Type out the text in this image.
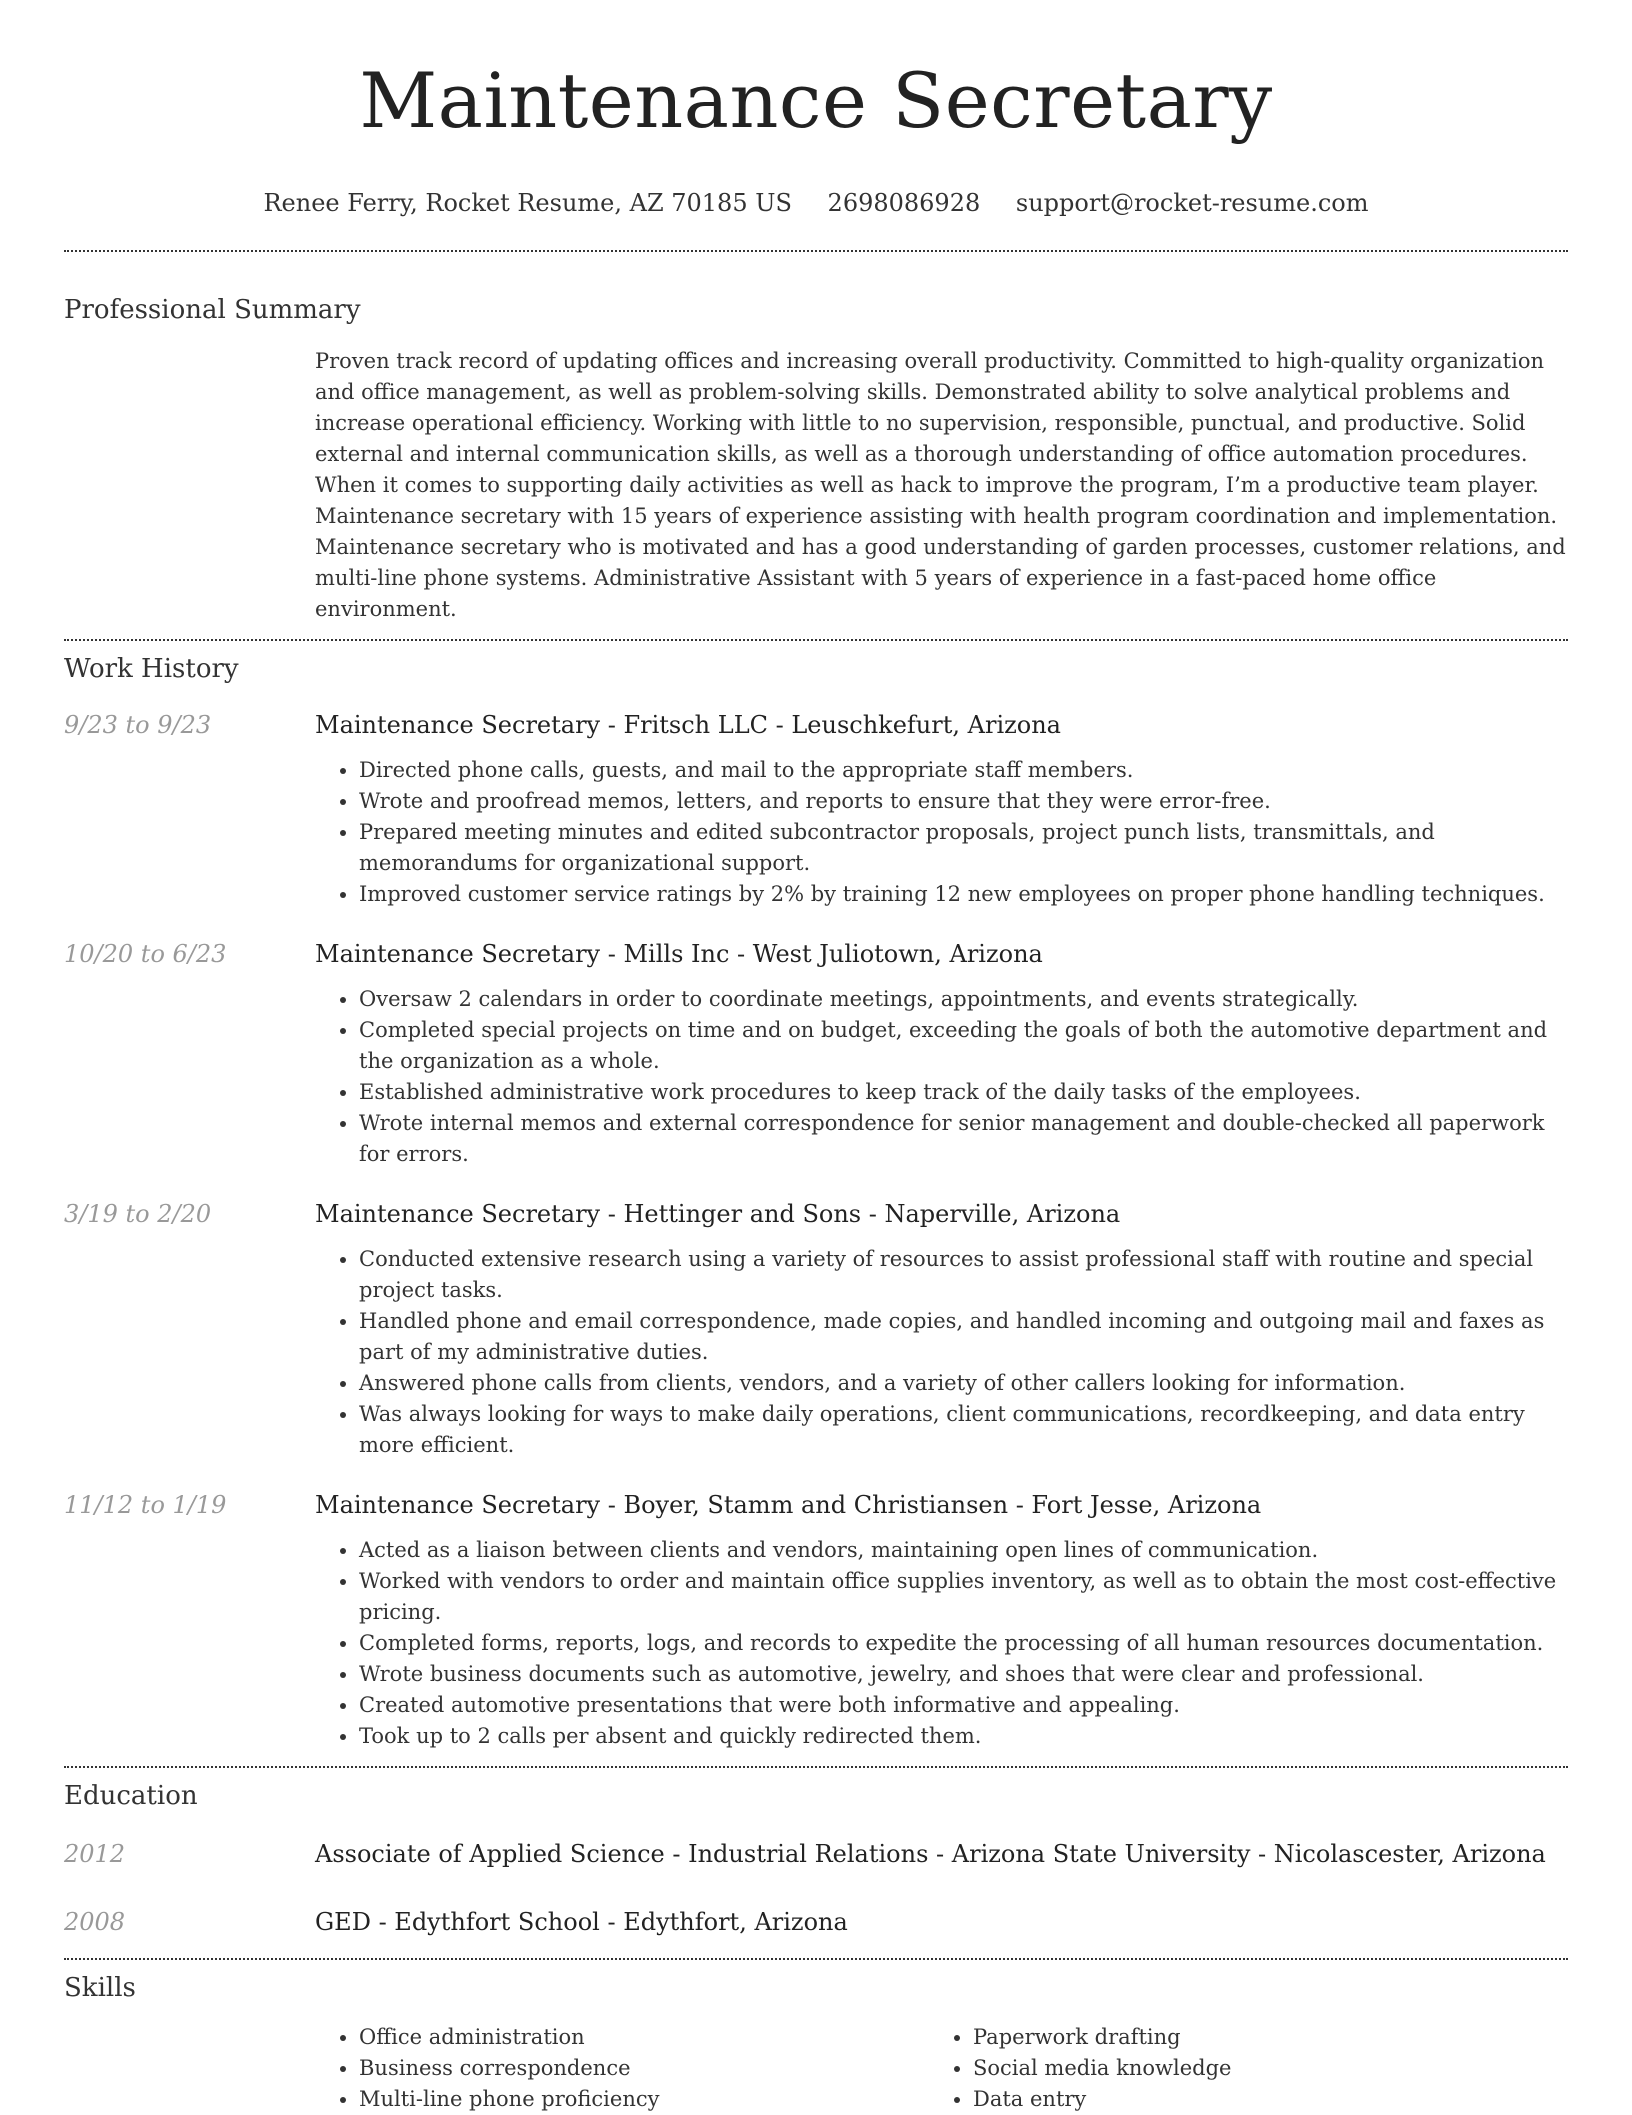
Maintenance Secretary
Renee Ferry, Rocket Resume, AZ 70185 US 2698086928 support@rocket-resume.com
Professional Summary
Proven track record of updating offices and increasing overall productivity. Committed to high-quality organization and office management, as well as problem-solving skills. Demonstrated ability to solve analytical problems and increase operational efficiency. Working with little to no supervision, responsible, punctual, and productive. Solid external and internal communication skills, as well as a thorough understanding of office automation procedures. When it comes to supporting daily activities as well as hack to improve the program, I’m a productive team player. Maintenance secretary with 15 years of experience assisting with health program coordination and implementation. Maintenance secretary who is motivated and has a good understanding of garden processes, customer relations, and multi-line phone systems. Administrative Assistant with 5 years of experience in a fast-paced home office environment.
Work History
9/23 to 9/23	Maintenance Secretary - Fritsch LLC - Leuschkefurt, Arizona
• Directed phone calls, guests, and mail to the appropriate staff members.
• Wrote and proofread memos, letters, and reports to ensure that they were error-free.
• Prepared meeting minutes and edited subcontractor proposals, project punch lists, transmittals, and memorandums for organizational support.
• Improved customer service ratings by 2% by training 12 new employees on proper phone handling techniques.
10/20 to 6/23	Maintenance Secretary - Mills Inc - West Juliotown, Arizona
• Oversaw 2 calendars in order to coordinate meetings, appointments, and events strategically.
• Completed special projects on time and on budget, exceeding the goals of both the automotive department and the organization as a whole.
• Established administrative work procedures to keep track of the daily tasks of the employees.
• Wrote internal memos and external correspondence for senior management and double-checked all paperwork for errors.
3/19 to 2/20	Maintenance Secretary - Hettinger and Sons - Naperville, Arizona
• Conducted extensive research using a variety of resources to assist professional staff with routine and special project tasks.
• Handled phone and email correspondence, made copies, and handled incoming and outgoing mail and faxes as part of my administrative duties.
• Answered phone calls from clients, vendors, and a variety of other callers looking for information.
• Was always looking for ways to make daily operations, client communications, recordkeeping, and data entry more efficient.
11/12 to 1/19	Maintenance Secretary - Boyer, Stamm and Christiansen - Fort Jesse, Arizona
• Acted as a liaison between clients and vendors, maintaining open lines of communication.
• Worked with vendors to order and maintain office supplies inventory, as well as to obtain the most cost-effective pricing.
• Completed forms, reports, logs, and records to expedite the processing of all human resources documentation.
• Wrote business documents such as automotive, jewelry, and shoes that were clear and professional.
• Created automotive presentations that were both informative and appealing.
• Took up to 2 calls per absent and quickly redirected them.
Education
2012	Associate of Applied Science - Industrial Relations - Arizona State University - Nicolascester, Arizona
2008	GED - Edythfort School - Edythfort, Arizona
Skills
• Office administration
• Business correspondence
• Multi-line phone proficiency
• Paperwork drafting
• Social media knowledge
• Data entry
